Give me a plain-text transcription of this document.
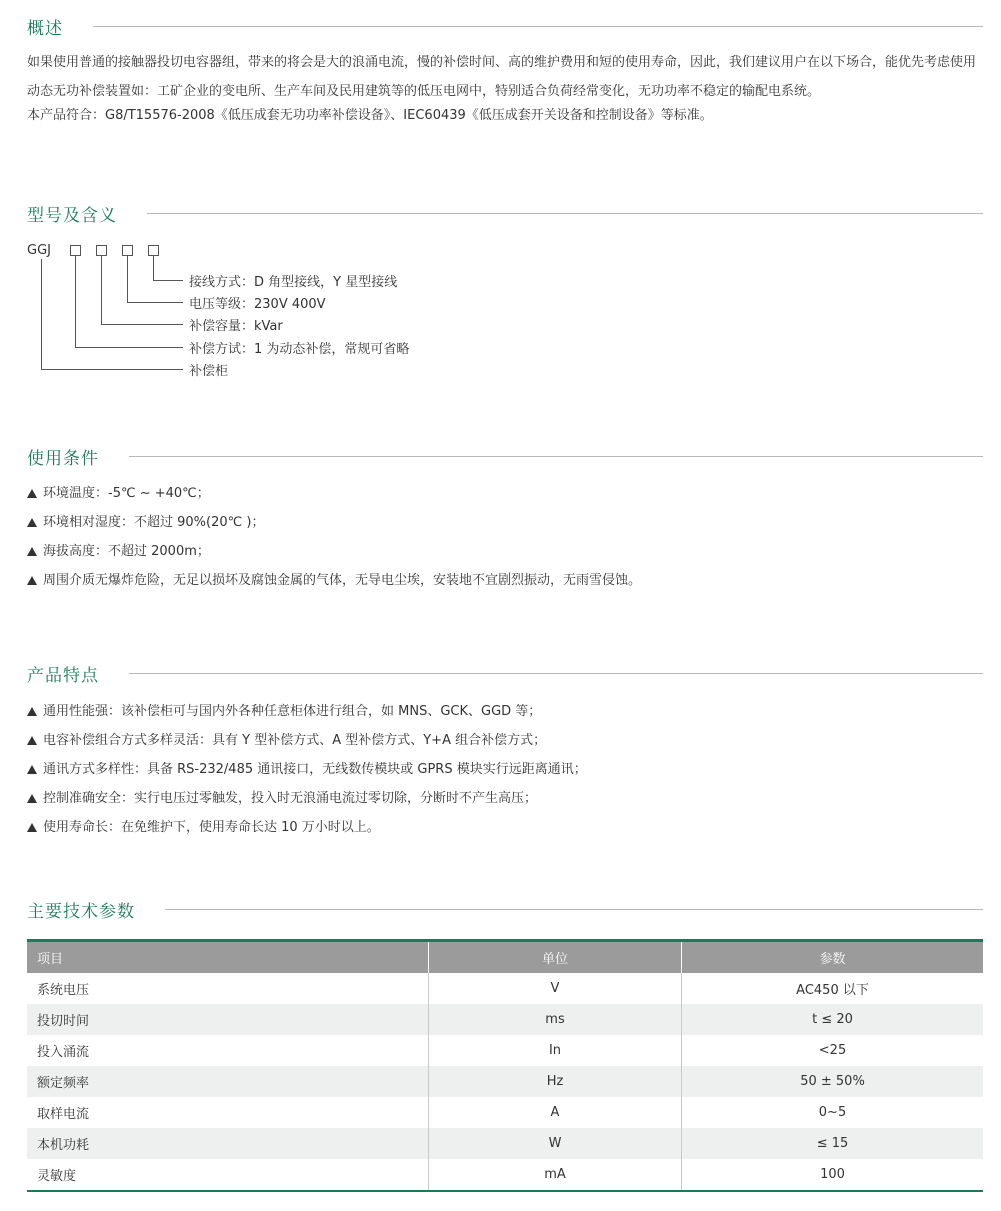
概述
如果使用普通的接触器投切电容器组，带来的将会是大的浪涌电流，慢的补偿时间、高的维护费用和短的使用寿命，因此，我们建议用户在以下场合，能优先考虑使用动态无功补偿装置如：工矿企业的变电所、生产车间及民用建筑等的低压电网中，特别适合负荷经常变化，无功功率不稳定的输配电系统。
本产品符合：G8/T15576-2008《低压成套无功功率补偿设备》、IEC60439《低压成套开关设备和控制设备》等标准。
型号及含义
GGJ
接线方式：D 角型接线，Y 星型接线
电压等级：230V 400V
补偿容量：kVar
补偿方试：1 为动态补偿，常规可省略
补偿柜
使用条件
环境温度：-5℃ ~ +40℃；
环境相对湿度：不超过 90%(20℃ )；
海拔高度：不超过 2000m；
周围介质无爆炸危险，无足以损坏及腐蚀金属的气体，无导电尘埃，安装地不宜剧烈振动，无雨雪侵蚀。
产品特点
通用性能强：该补偿柜可与国内外各种任意柜体进行组合，如 MNS、GCK、GGD 等；
电容补偿组合方式多样灵活：具有 Y 型补偿方式、A 型补偿方式、Y+A 组合补偿方式；
通讯方式多样性：具备 RS-232/485 通讯接口，无线数传模块或 GPRS 模块实行远距离通讯；
控制准确安全：实行电压过零触发，投入时无浪涌电流过零切除，分断时不产生高压；
使用寿命长：在免维护下，使用寿命长达 10 万小时以上。
主要技术参数
项目	单位	参数
系统电压	V	AC450 以下
投切时间	ms	t ≤ 20
投入涌流	In	<25
额定频率	Hz	50 ± 50%
取样电流	A	0~5
本机功耗	W	≤ 15
灵敏度	mA	100
